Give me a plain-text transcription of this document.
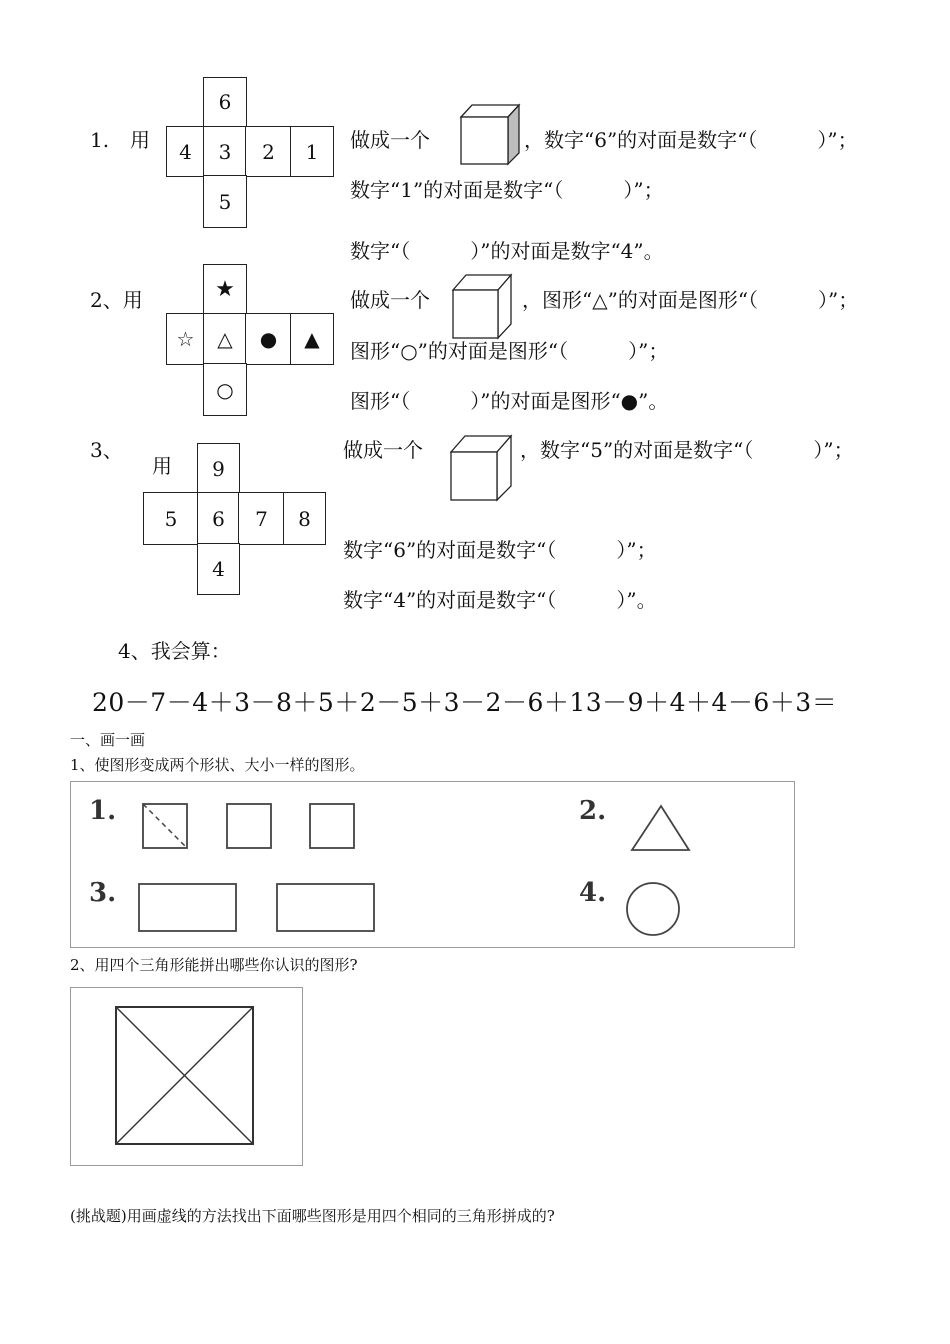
1. 用
6
4	3	2	1
5
做成一个	，数字“6”的对面是数字“（　　　）”；
数字“1”的对面是数字“（　　　）”；
数字“（　　　）”的对面是数字“4”。
2、用	★
☆	△	●	▲
○
做成一个	，图形“△”的对面是图形“（　　　）”；
图形“○”的对面是图形“（　　　）”；
图形“（　　　）”的对面是图形“●”。
3、
用	9
5	6	7	8
4
做成一个	，数字“5”的对面是数字“（　　　）”；
数字“6”的对面是数字“（　　　）”；
数字“4”的对面是数字“（　　　）”。
4、我会算：
20－7－4＋3－8＋5＋2－5＋3－2－6＋13－9＋4＋4－6＋3＝
一、画一画
1、使图形变成两个形状、大小一样的图形。
1.	2.
3.	4.
2、用四个三角形能拼出哪些你认识的图形?
(挑战题)用画虚线的方法找出下面哪些图形是用四个相同的三角形拼成的?
